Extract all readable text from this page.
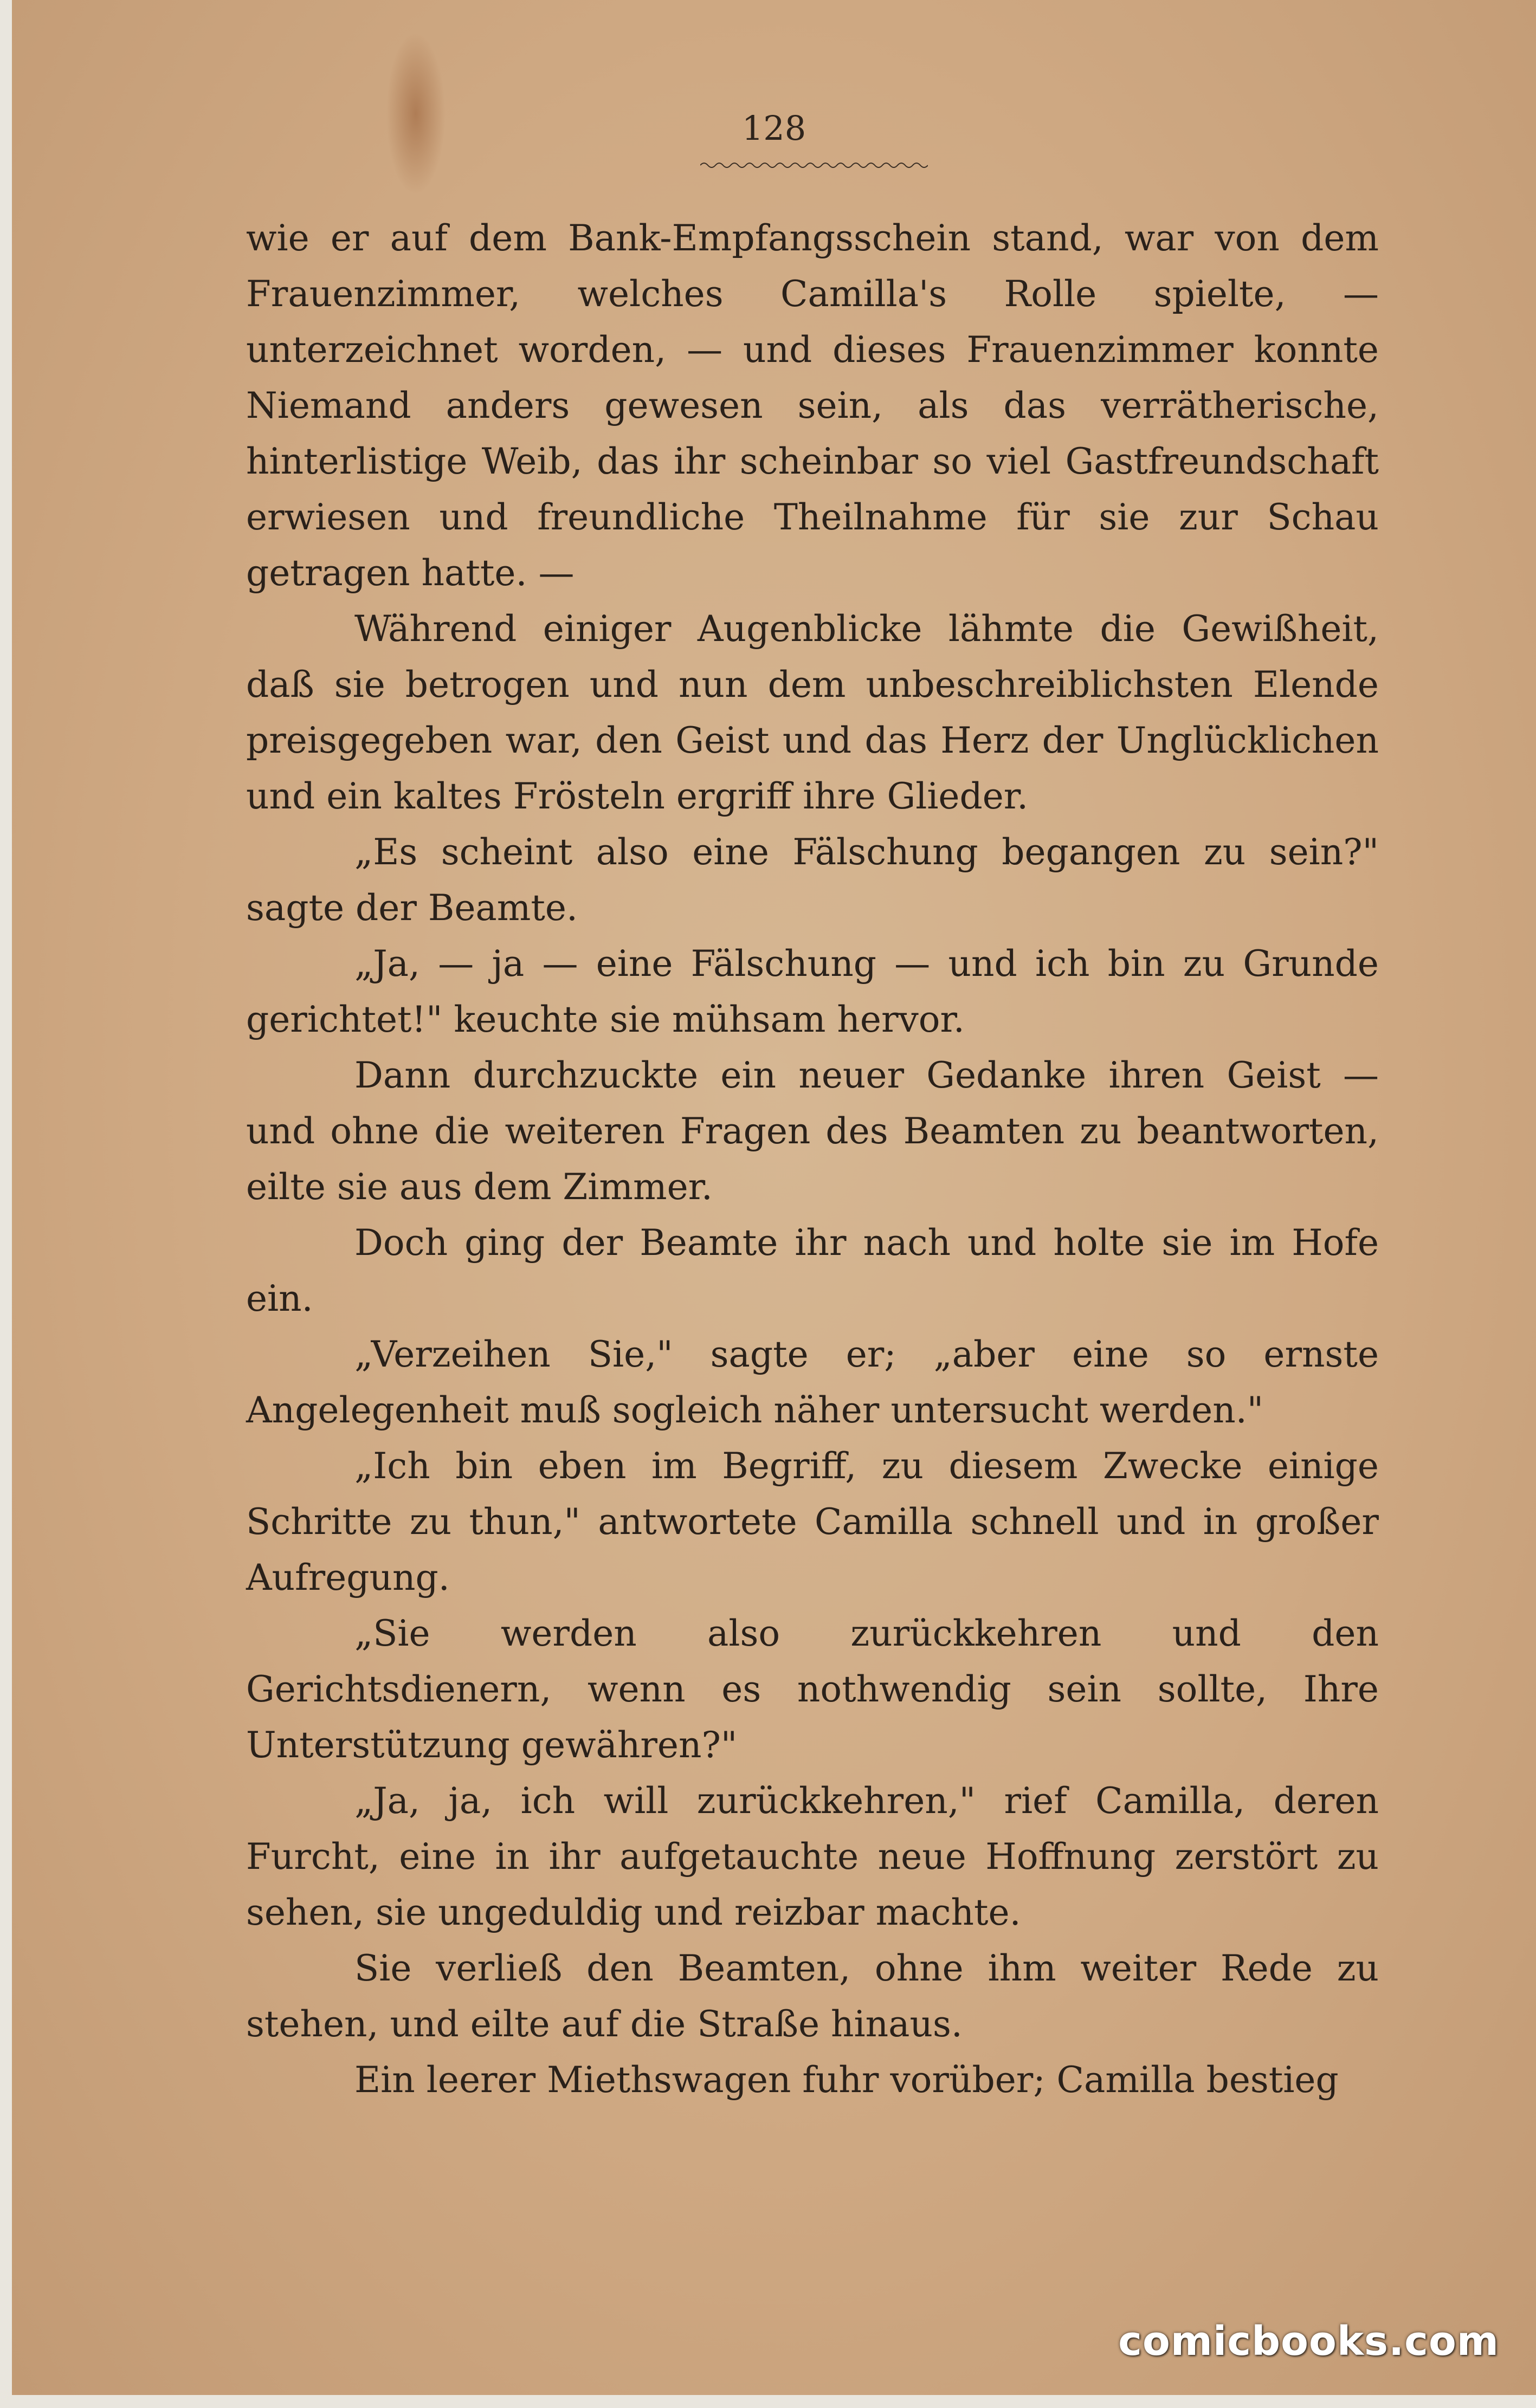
128

wie er auf dem Bank-Empfangsschein stand, war von dem Frauenzimmer, welches Camilla's Rolle spielte, — unterzeichnet worden, — und dieses Frauenzimmer konnte Niemand anders gewesen sein, als das verrätherische, hinterlistige Weib, das ihr scheinbar so viel Gastfreundschaft erwiesen und freundliche Theilnahme für sie zur Schau getragen hatte. —

Während einiger Augenblicke lähmte die Gewißheit, daß sie betrogen und nun dem unbeschreiblichsten Elende preisgegeben war, den Geist und das Herz der Unglücklichen und ein kaltes Frösteln ergriff ihre Glieder.

„Es scheint also eine Fälschung begangen zu sein?" sagte der Beamte.

„Ja, — ja — eine Fälschung — und ich bin zu Grunde gerichtet!" keuchte sie mühsam hervor.

Dann durchzuckte ein neuer Gedanke ihren Geist — und ohne die weiteren Fragen des Beamten zu beantworten, eilte sie aus dem Zimmer.

Doch ging der Beamte ihr nach und holte sie im Hofe ein.

„Verzeihen Sie," sagte er; „aber eine so ernste Angelegenheit muß sogleich näher untersucht werden."

„Ich bin eben im Begriff, zu diesem Zwecke einige Schritte zu thun," antwortete Camilla schnell und in großer Aufregung.

„Sie werden also zurückkehren und den Gerichtsdienern, wenn es nothwendig sein sollte, Ihre Unterstützung gewähren?"

„Ja, ja, ich will zurückkehren," rief Camilla, deren Furcht, eine in ihr aufgetauchte neue Hoffnung zerstört zu sehen, sie ungeduldig und reizbar machte.

Sie verließ den Beamten, ohne ihm weiter Rede zu stehen, und eilte auf die Straße hinaus.

Ein leerer Miethswagen fuhr vorüber; Camilla bestieg

comicbooks.com
